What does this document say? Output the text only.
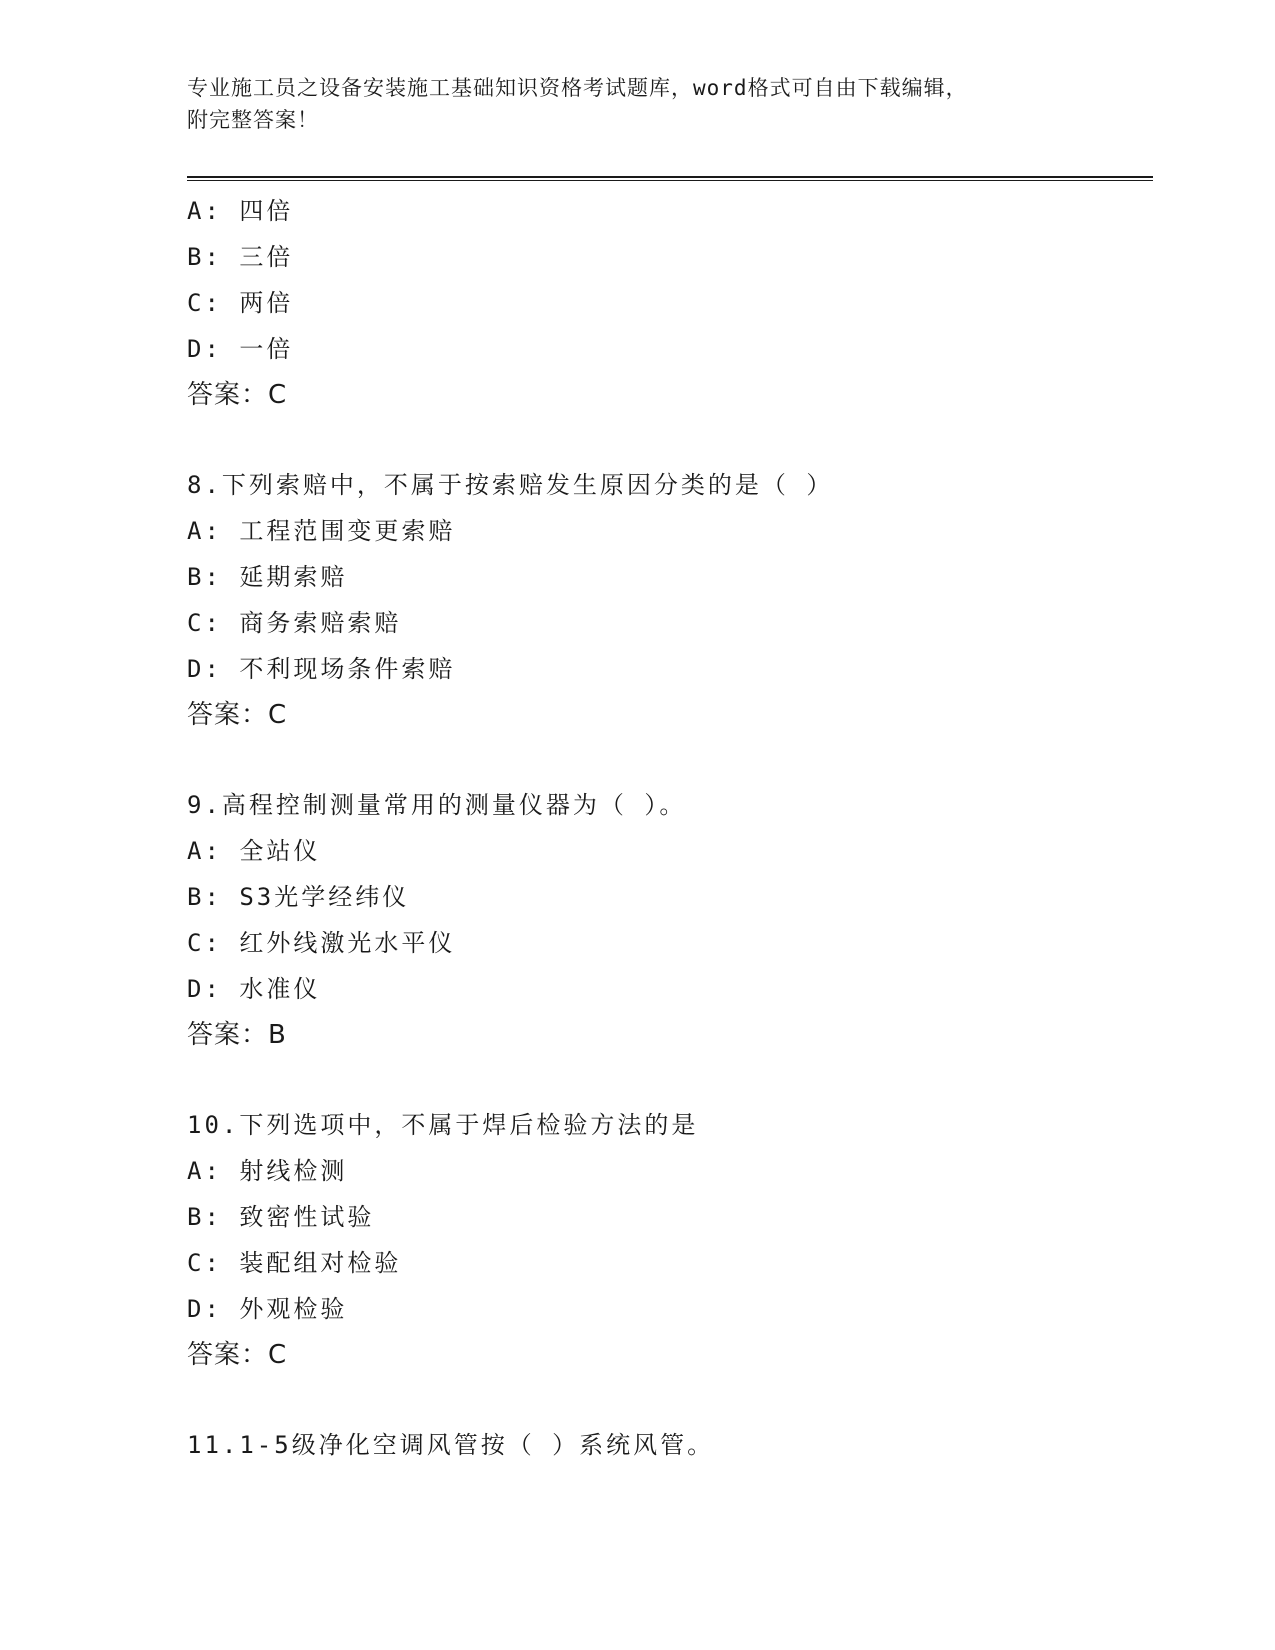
专业施工员之设备安装施工基础知识资格考试题库，word格式可自由下载编辑，
附完整答案！
A: 四倍
B: 三倍
C: 两倍
D: 一倍
答案：C
8.下列索赔中，不属于按索赔发生原因分类的是（ ）
A: 工程范围变更索赔
B: 延期索赔
C: 商务索赔索赔
D: 不利现场条件索赔
答案：C
9.高程控制测量常用的测量仪器为（ ）。
A: 全站仪
B: S3光学经纬仪
C: 红外线激光水平仪
D: 水准仪
答案：B
10.下列选项中，不属于焊后检验方法的是
A: 射线检测
B: 致密性试验
C: 装配组对检验
D: 外观检验
答案：C
11.1-5级净化空调风管按（ ）系统风管。
